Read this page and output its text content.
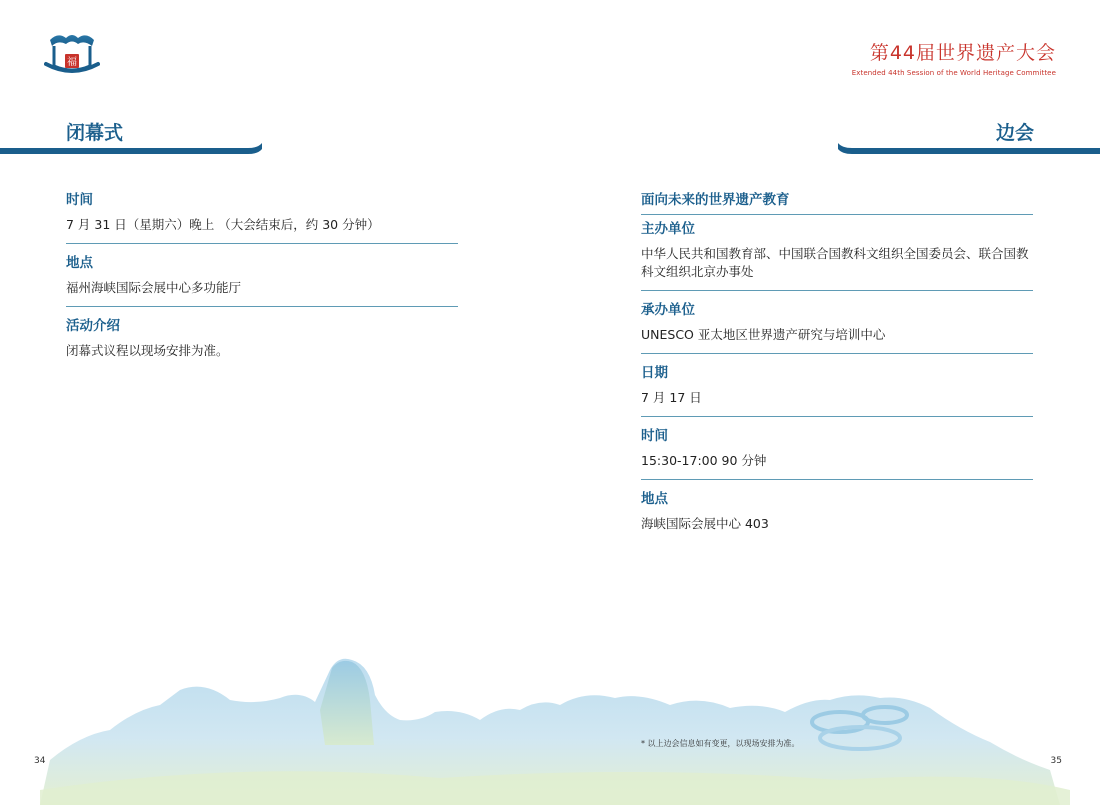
福	第44届世界遗产大会
Extended 44th Session of the World Heritage Committee
闭幕式	边会
时间
7 月 31 日（星期六）晚上 （大会结束后，约 30 分钟）
地点
福州海峡国际会展中心多功能厅
活动介绍
闭幕式议程以现场安排为准。
面向未来的世界遗产教育
主办单位
中华人民共和国教育部、中国联合国教科文组织全国委员会、联合国教科文组织北京办事处
承办单位
UNESCO 亚太地区世界遗产研究与培训中心
日期
7 月 17 日
时间
15:30-17:00 90 分钟
地点
海峡国际会展中心 403
* 以上边会信息如有变更，以现场安排为准。
34	35
